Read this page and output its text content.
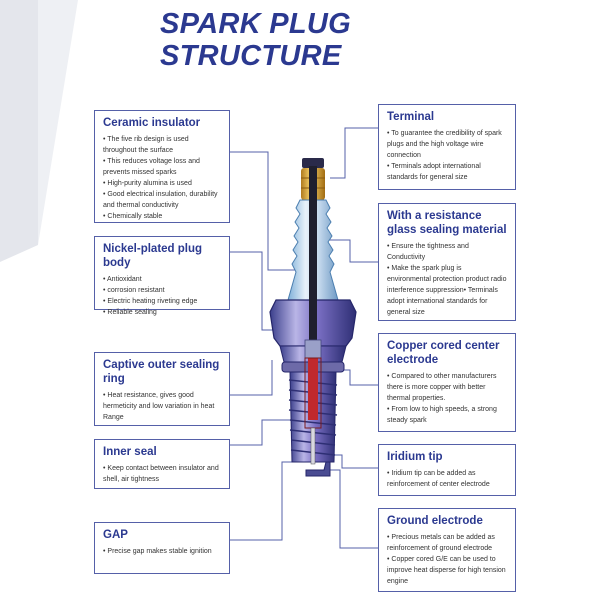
SPARK PLUG
STRUCTURE
Ceramic insulator
• The five rib design is used throughout the surface
• This reduces voltage loss and prevents missed sparks
• High-purity alumina is used
• Good electrical insulation, durability and thermal conductivity
• Chemically stable
Nickel-plated plug body
• Antioxidant
• corrosion resistant
• Electric heating riveting edge
• Reliable sealing
Captive outer sealing ring
• Heat resistance, gives good hermeticity and low variation in heat Range
Inner seal
• Keep contact between insulator and shell, air tightness
GAP
• Precise gap makes stable ignition
Terminal
• To guarantee the credibility of spark plugs and the high voltage wire connection
• Terminals adopt international standards for general size
With a resistance glass sealing material
• Ensure the tightness and Conductivity
• Make the spark plug is environmental protection product radio interference suppression• Terminals adopt international standards for general size
Copper cored center electrode
• Compared to other manufacturers there is more copper with better thermal properties.
• From low to high speeds, a strong steady spark
Iridium tip
• Iridium tip can be added as reinforcement of center electrode
Ground electrode
• Precious metals can be added as reinforcement of ground electrode
• Copper cored G/E can be used to improve heat disperse for high tension engine
